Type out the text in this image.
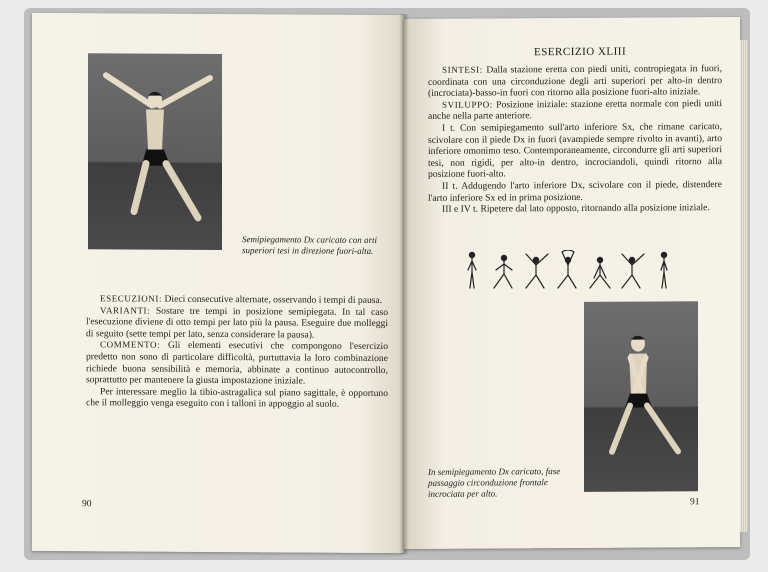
Semipiegamento Dx caricato con arti superiori tesi in direzione fuori-alta.

ESECUZIONI: Dieci consecutive alternate, osservando i tempi di pausa.

VARIANTI: Sostare tre tempi in posizione semipiegata. In tal caso l'esecuzione diviene di otto tempi per lato più la pausa. Eseguire due molleggi di seguito (sette tempi per lato, senza considerare la pausa).

COMMENTO: Gli elementi esecutivi che compongono l'esercizio predetto non sono di particolare difficoltà, purtuttavia la loro combinazione richiede buona sensibilità e memoria, abbinate a continuo autocontrollo, soprattutto per mantenere la giusta impostazione iniziale.

Per interessare meglio la tibio-astragalica sul piano sagittale, è opportuno che il molleggio venga eseguito con i talloni in appoggio al suolo.

90
ESERCIZIO XLIII

SINTESI: Dalla stazione eretta con piedi uniti, contropiegata in fuori, coordinata con una circonduzione degli arti superiori per alto-in dentro (incrociata)-basso-in fuori con ritorno alla posizione fuori-alto iniziale.

SVILUPPO: Posizione iniziale: stazione eretta normale con piedi uniti anche nella parte anteriore.

I t. Con semipiegamento sull'arto inferiore Sx, che rimane caricato, scivolare con il piede Dx in fuori (avampiede sempre rivolto in avanti), arto inferiore omonimo teso. Contemporaneamente, circondurre gli arti superiori tesi, non rigidi, per alto-in dentro, incrociandoli, quindi ritorno alla posizione fuori-alto.

II t. Addugendo l'arto inferiore Dx, scivolare con il piede, distendere l'arto inferiore Sx ed in prima posizione.

III e IV t. Ripetere dal lato opposto, ritornando alla posizione iniziale.

In semipiegamento Dx caricato, fase passaggio circonduzione frontale incrociata per alto.
91
